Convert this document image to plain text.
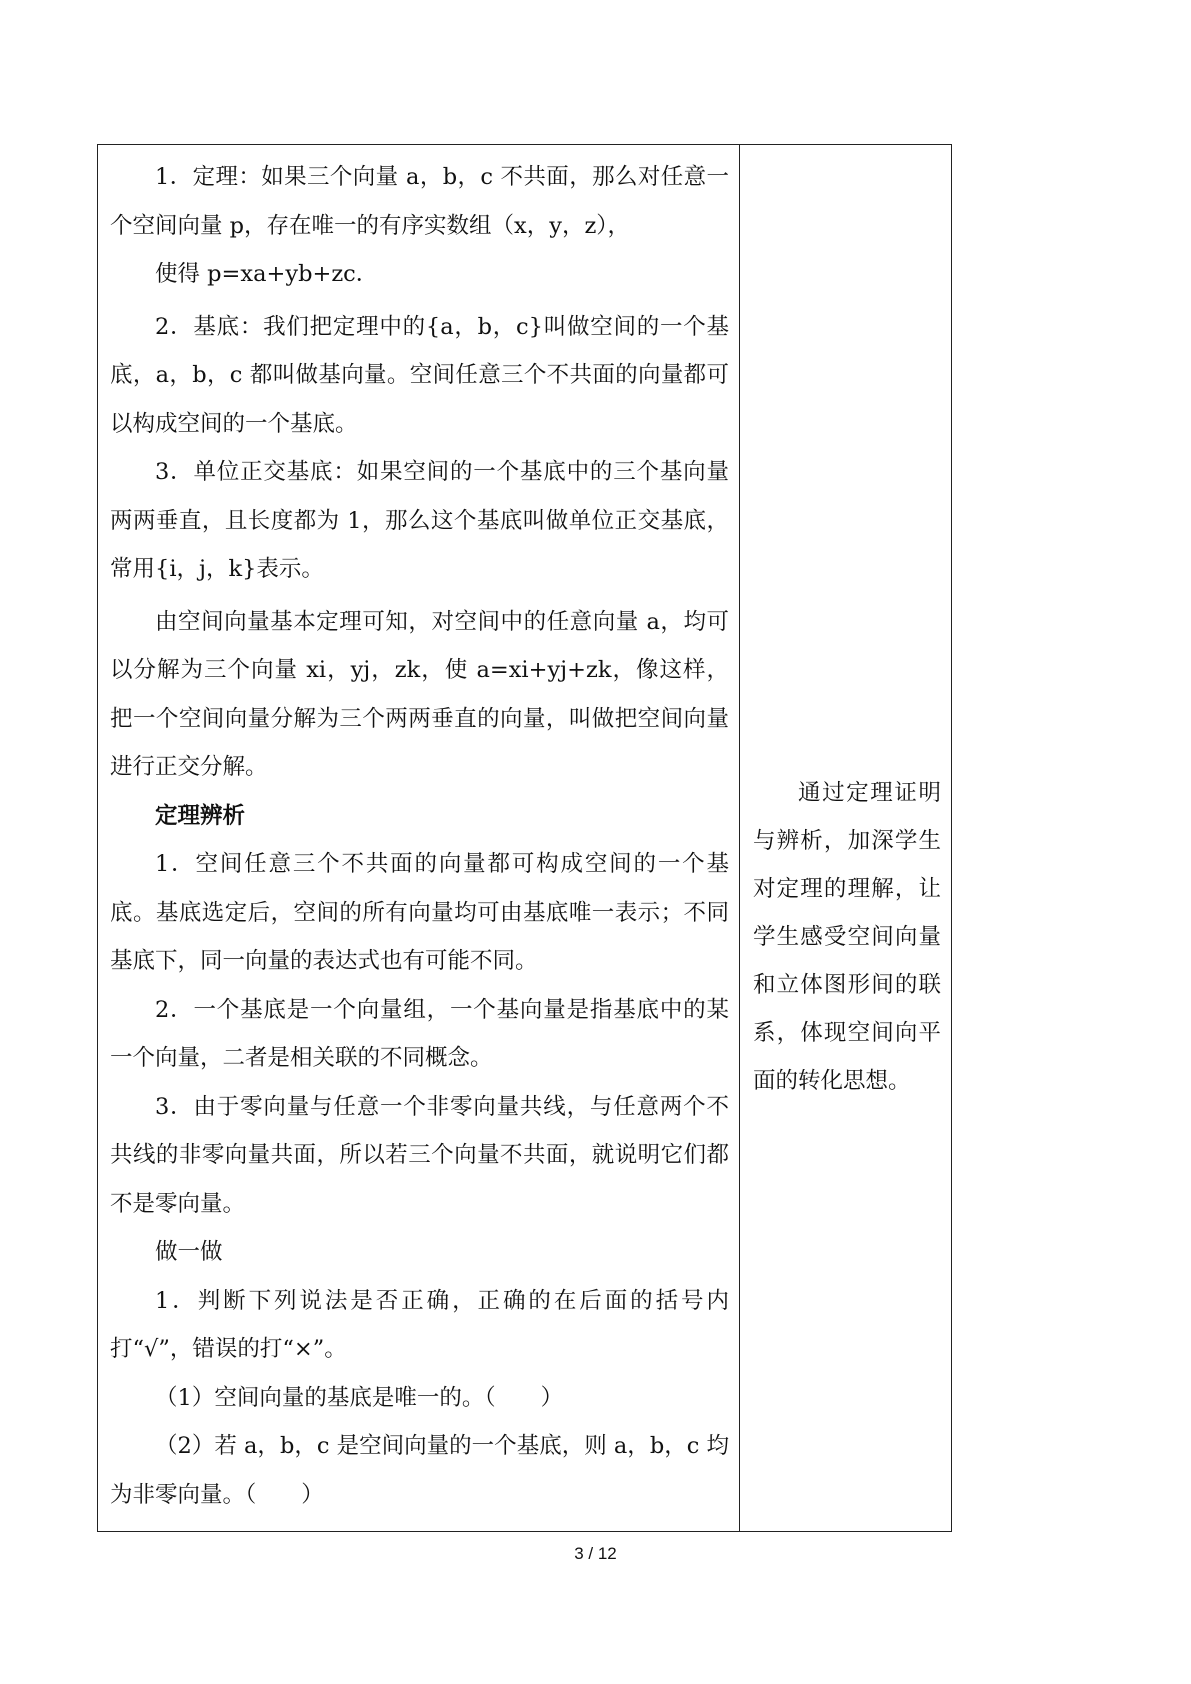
1．定理：如果三个向量 a，b，c 不共面，那么对任意一个空间向量 p，存在唯一的有序实数组（x，y，z），

使得 p=xa+yb+zc．

2．基底：我们把定理中的{a，b，c}叫做空间的一个基底，a，b，c 都叫做基向量。空间任意三个不共面的向量都可以构成空间的一个基底。

3．单位正交基底：如果空间的一个基底中的三个基向量两两垂直，且长度都为 1，那么这个基底叫做单位正交基底，常用{i，j，k}表示。

由空间向量基本定理可知，对空间中的任意向量 a，均可以分解为三个向量 xi，yj，zk，使 a=xi+yj+zk，像这样，把一个空间向量分解为三个两两垂直的向量，叫做把空间向量进行正交分解。

定理辨析

1．空间任意三个不共面的向量都可构成空间的一个基底。基底选定后，空间的所有向量均可由基底唯一表示；不同基底下，同一向量的表达式也有可能不同。

2．一个基底是一个向量组，一个基向量是指基底中的某一个向量，二者是相关联的不同概念。

3．由于零向量与任意一个非零向量共线，与任意两个不共线的非零向量共面，所以若三个向量不共面，就说明它们都不是零向量。

做一做

1．判断下列说法是否正确，正确的在后面的括号内打“√”，错误的打“×”。

（1）空间向量的基底是唯一的。（　　）

（2）若 a，b，c 是空间向量的一个基底，则 a，b，c 均为非零向量。（　　）

通过定理证明与辨析，加深学生对定理的理解，让学生感受空间向量和立体图形间的联系，体现空间向平面的转化思想。

3 / 12
